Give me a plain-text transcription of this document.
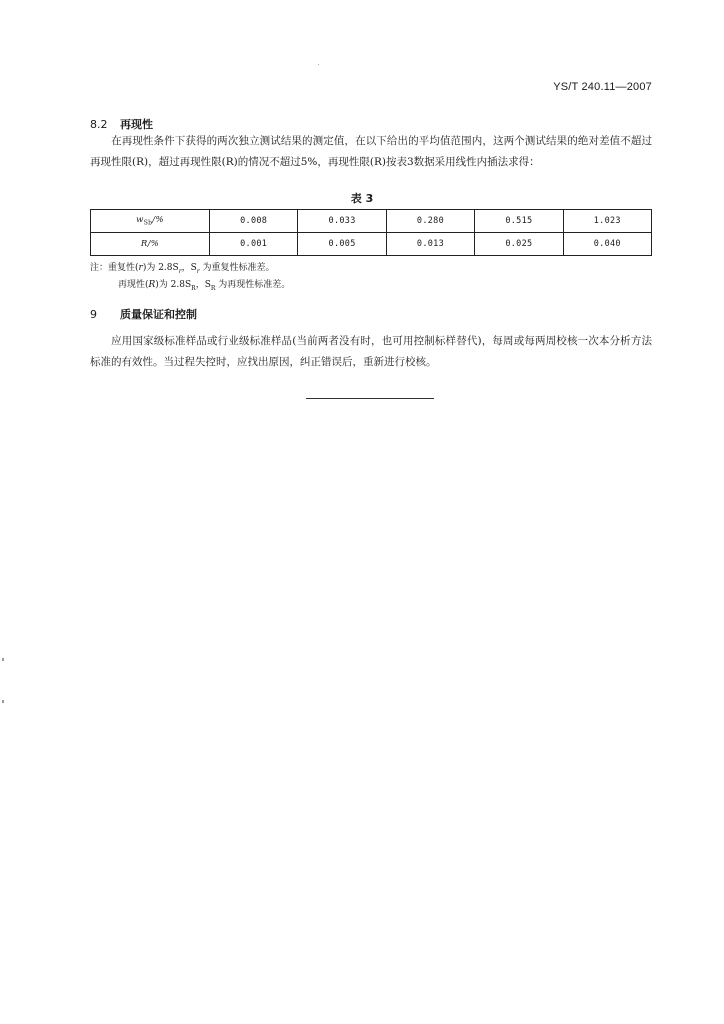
YS/T 240.11—2007
8.2 再现性
在再现性条件下获得的两次独立测试结果的测定值，在以下给出的平均值范围内，这两个测试结果的绝对差值不超过再现性限(R)，超过再现性限(R)的情况不超过5%，再现性限(R)按表3数据采用线性内插法求得：
表 3
$w_{Sb}/\%$	0.008	0.033	0.280	0.515	1.023
R/%	0.001	0.005	0.013	0.025	0.040
注：重复性(r)为 $2.8S_r$，$S_r$ 为重复性标准差。
再现性(R)为 $2.8S_R$，$S_R$ 为再现性标准差。
9 质量保证和控制
应用国家级标准样品或行业级标准样品(当前两者没有时，也可用控制标样替代)，每周或每两周校核一次本分析方法标准的有效性。当过程失控时，应找出原因，纠正错误后，重新进行校核。
